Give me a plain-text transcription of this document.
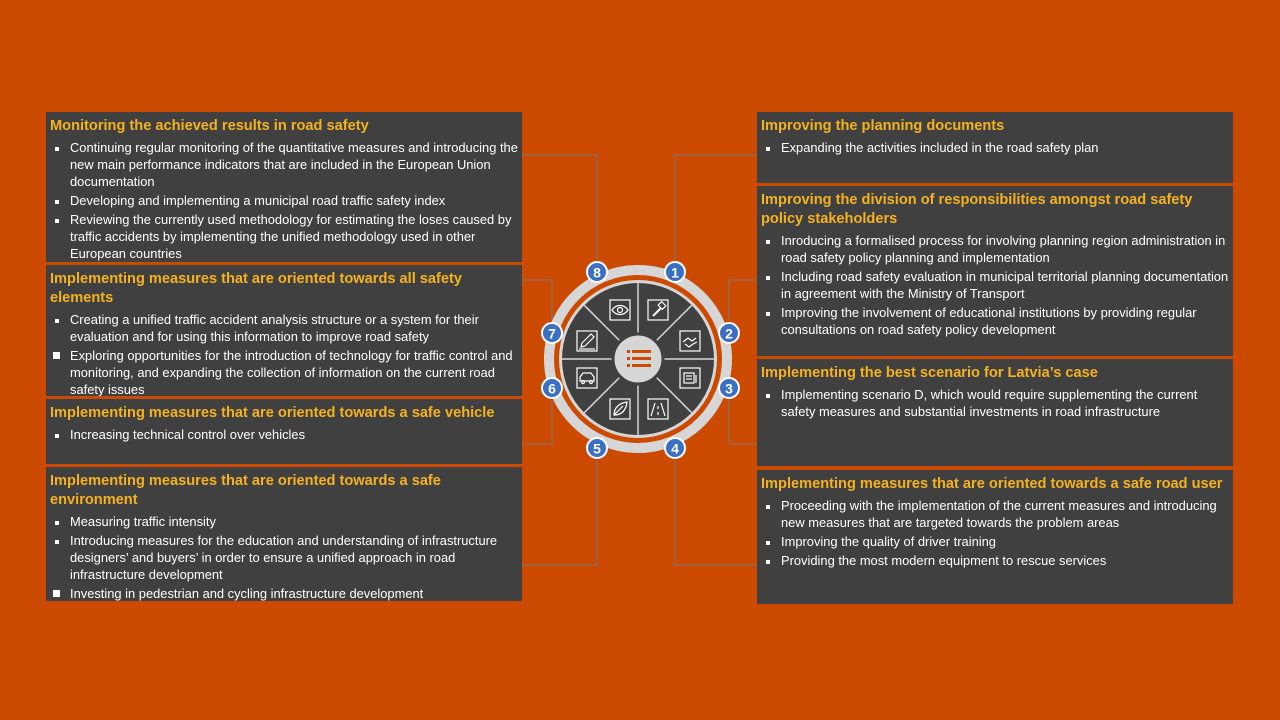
1
2
3
4
5
6
7
8
Monitoring the achieved results in road safety
Continuing regular monitoring of the quantitative measures and introducing the new main performance indicators that are included in the European Union documentation
Developing and implementing a municipal road traffic safety index
Reviewing the currently used methodology for estimating the loses caused by traffic accidents by implementing the unified methodology used in other European countries
Implementing measures that are oriented towards all safety elements
Creating a unified traffic accident analysis structure or a system for their evaluation and for using this information to improve road safety
Exploring opportunities for the introduction of technology for traffic control and monitoring, and expanding the collection of information on the current road safety issues
Implementing measures that are oriented towards a safe vehicle
Increasing technical control over vehicles
Implementing measures that are oriented towards a safe environment
Measuring traffic intensity
Introducing measures for the education and understanding of infrastructure designers’ and buyers’ in order to ensure a unified approach in road infrastructure development
Investing in pedestrian and cycling infrastructure development
Improving the planning documents
Expanding the activities included in the road safety plan
Improving the division of responsibilities amongst road safety policy stakeholders
Inroducing a formalised process for involving planning region administration in road safety policy planning and implementation
Including road safety evaluation in municipal territorial planning documentation in agreement with the Ministry of Transport
Improving the involvement of educational institutions by providing regular consultations on road safety policy development
Implementing the best scenario for Latvia’s case
Implementing scenario D, which would require supplementing the current safety measures and substantial investments in road infrastructure
Implementing measures that are oriented towards a safe road user
Proceeding with the implementation of the current measures and introducing new measures that are targeted towards the problem areas
Improving the quality of driver training
Providing the most modern equipment to rescue services
